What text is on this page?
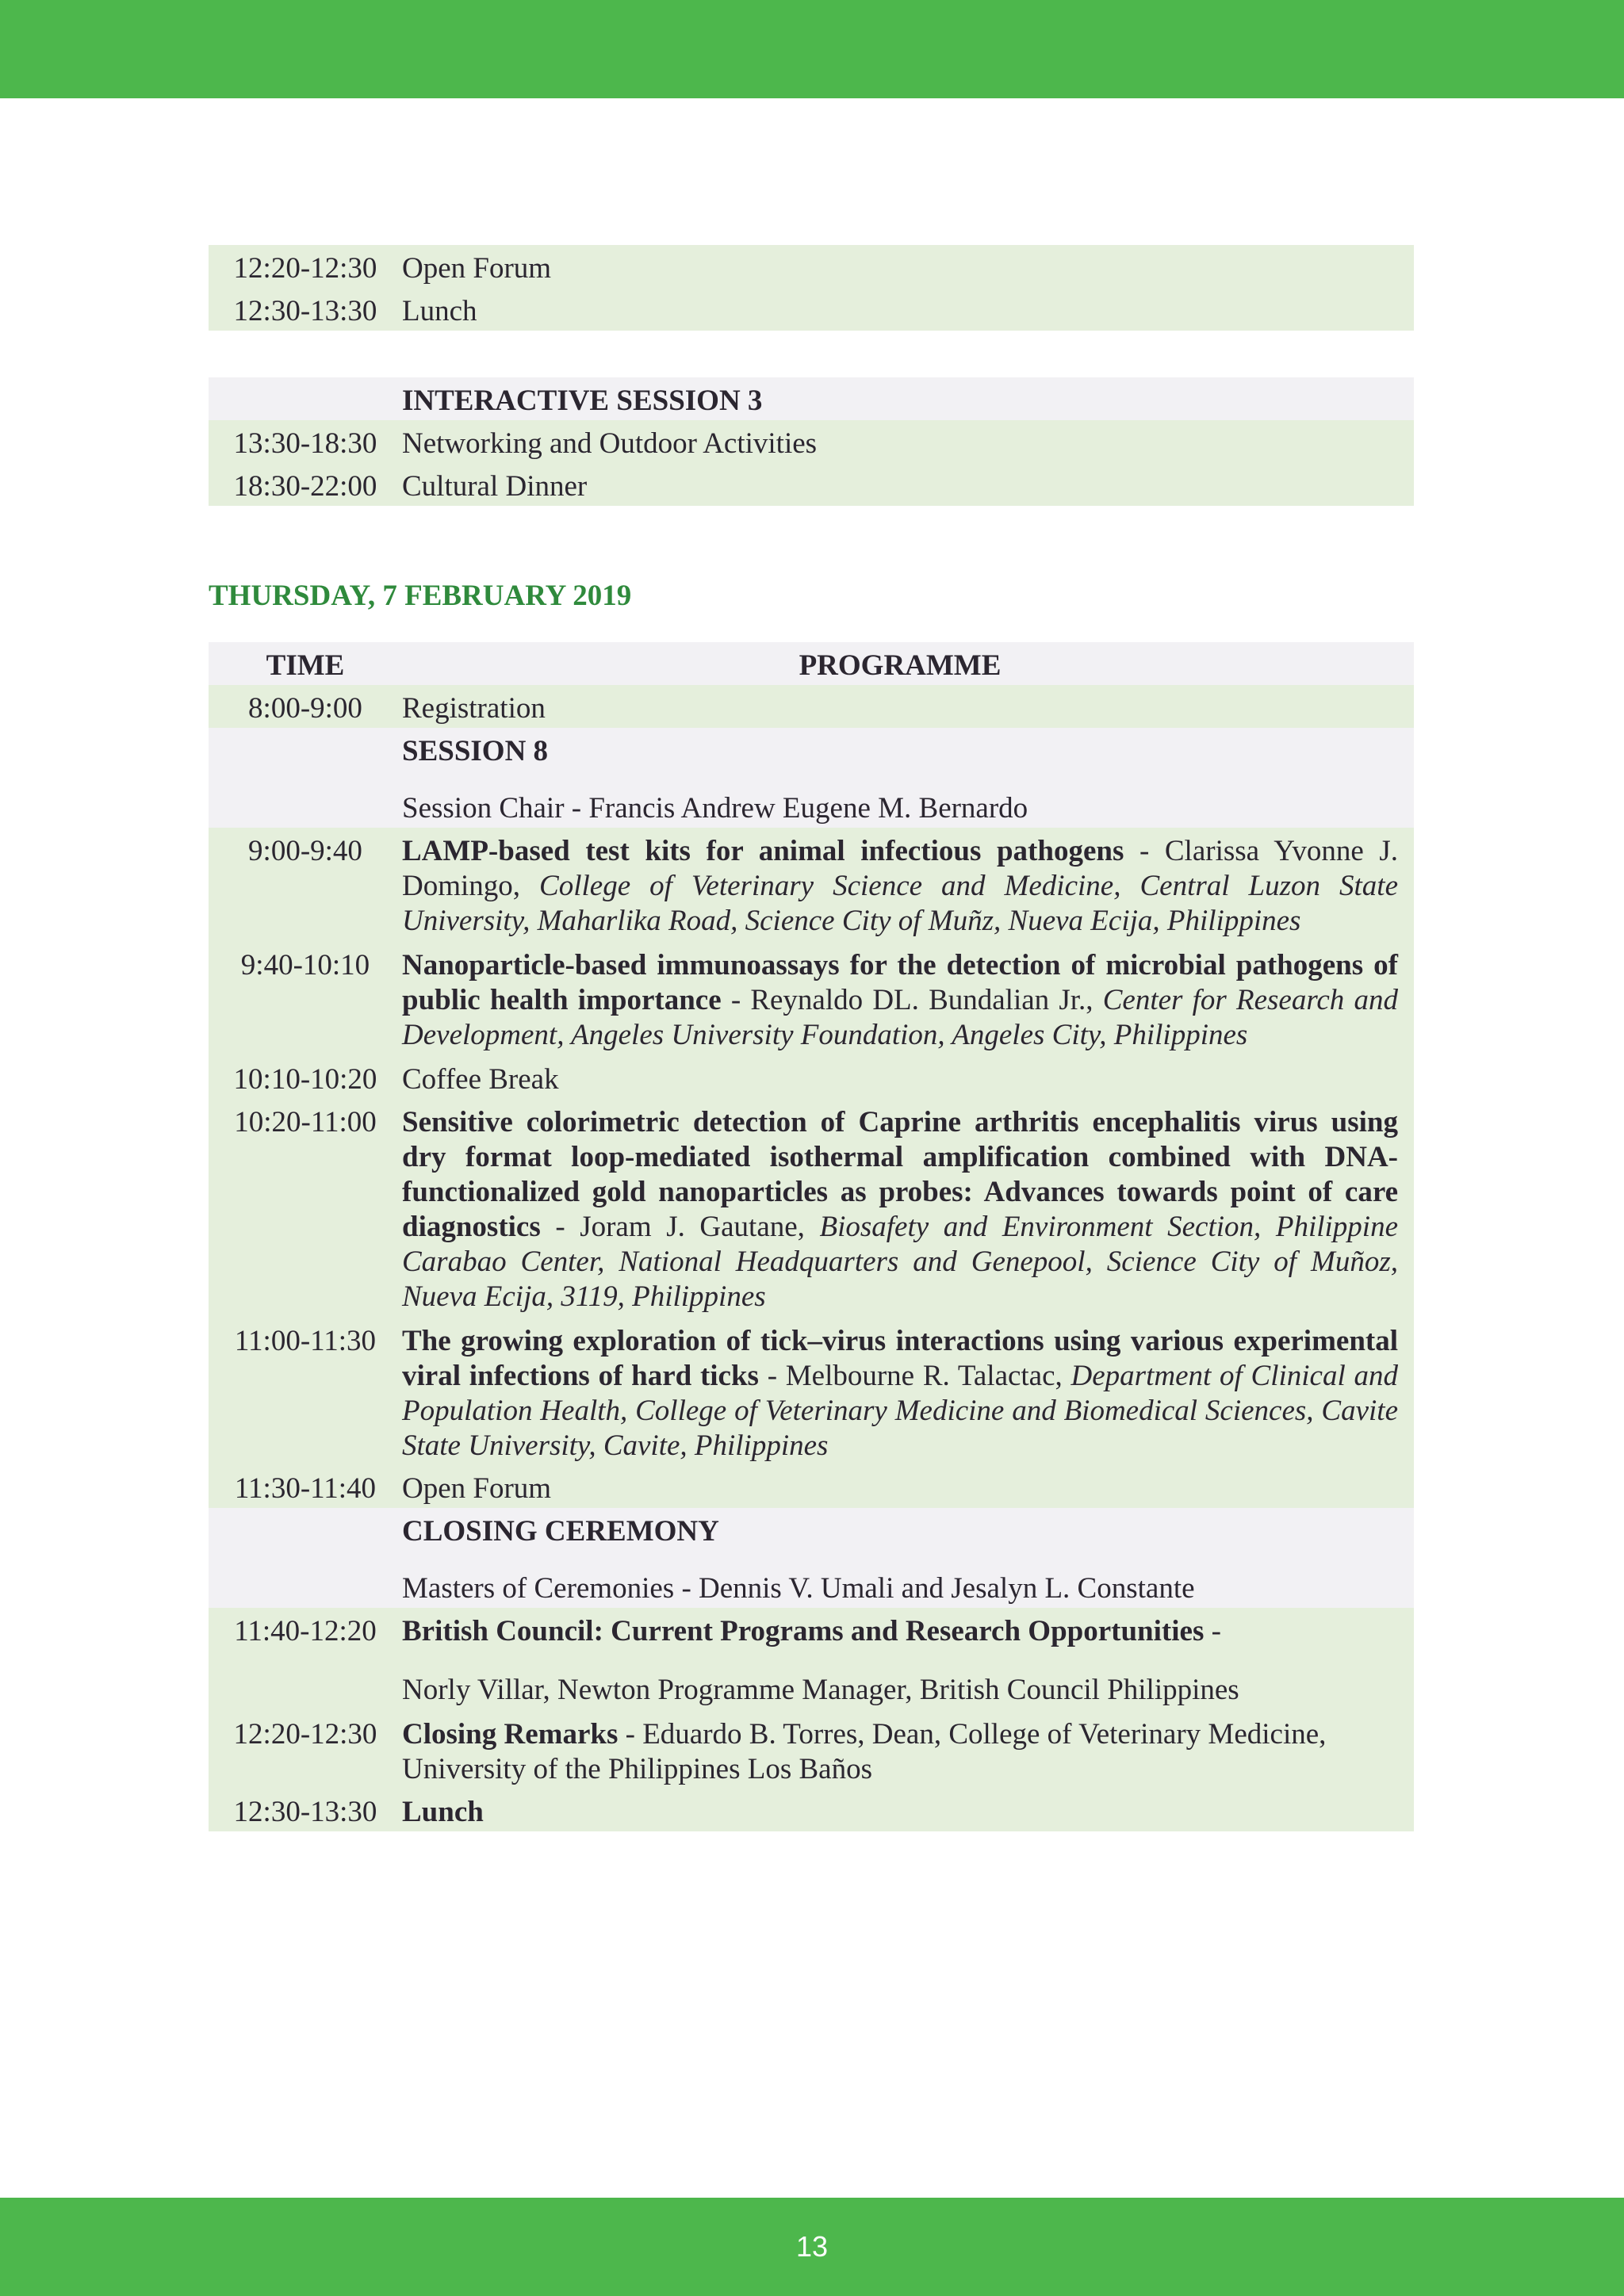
12:20-12:30 Open Forum
12:30-13:30 Lunch
INTERACTIVE SESSION 3
13:30-18:30 Networking and Outdoor Activities
18:30-22:00 Cultural Dinner
THURSDAY, 7 FEBRUARY 2019
TIME	PROGRAMME
8:00-9:00	Registration
SESSION 8
Session Chair - Francis Andrew Eugene M. Bernardo
9:00-9:40	LAMP-based test kits for animal infectious pathogens - Clarissa Yvonne J. Domingo, College of Veterinary Science and Medicine, Central Luzon State University, Maharlika Road, Science City of Muñz, Nueva Ecija, Philippines
9:40-10:10	Nanoparticle-based immunoassays for the detection of microbial pathogens of public health importance - Reynaldo DL. Bundalian Jr., Center for Research and Development, Angeles University Foundation, Angeles City, Philippines
10:10-10:20 Coffee Break
10:20-11:00 Sensitive colorimetric detection of Caprine arthritis encephalitis virus using dry format loop-mediated isothermal amplification combined with DNA-functionalized gold nanoparticles as probes: Advances towards point of care diagnostics - Joram J. Gautane, Biosafety and Environment Section, Philippine Carabao Center, National Headquarters and Genepool, Science City of Muñoz, Nueva Ecija, 3119, Philippines
11:00-11:30 The growing exploration of tick–virus interactions using various experimental viral infections of hard ticks - Melbourne R. Talactac, Department of Clinical and Population Health, College of Veterinary Medicine and Biomedical Sciences, Cavite State University, Cavite, Philippines
11:30-11:40 Open Forum
CLOSING CEREMONY
Masters of Ceremonies - Dennis V. Umali and Jesalyn L. Constante
11:40-12:20 British Council: Current Programs and Research Opportunities -
Norly Villar, Newton Programme Manager, British Council Philippines
12:20-12:30 Closing Remarks - Eduardo B. Torres, Dean, College of Veterinary Medicine, University of the Philippines Los Baños
12:30-13:30 Lunch
13
